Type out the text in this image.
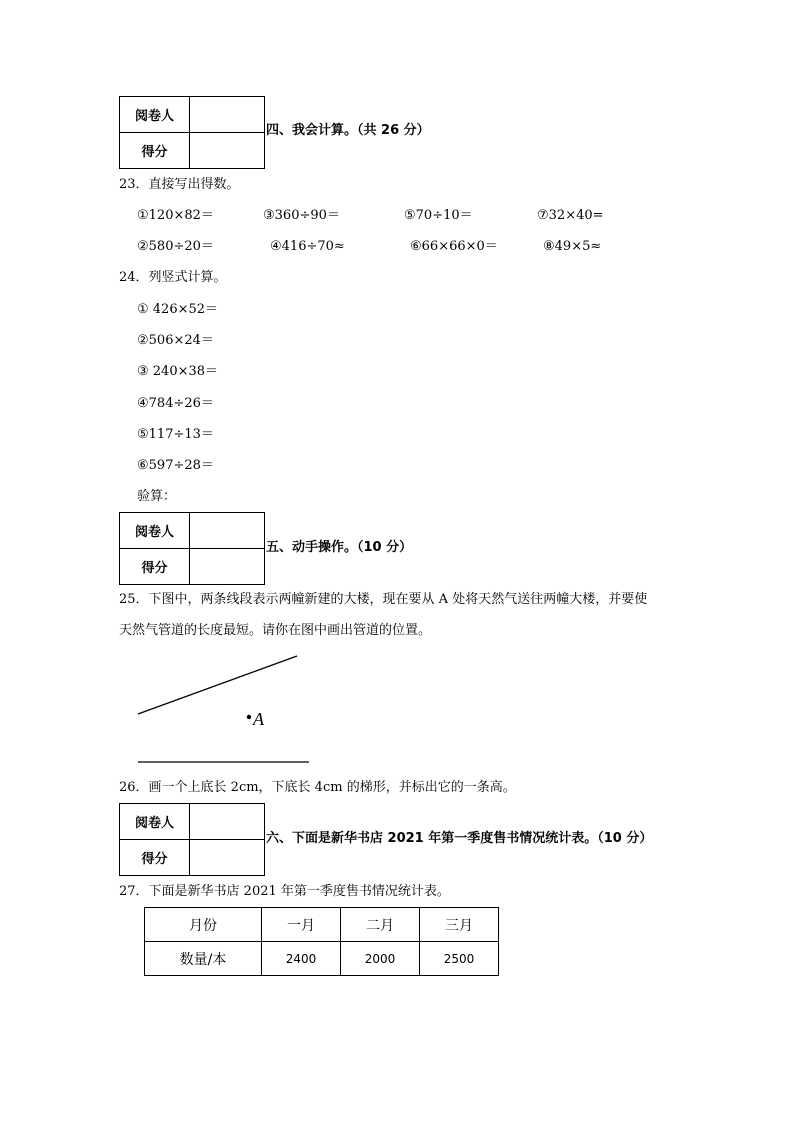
阅卷人	
得分	
四、我会计算。（共 26 分）
23．直接写出得数。
①120×82＝	③360÷90＝	⑤70÷10＝	⑦32×40=
②580÷20＝	④416÷70≈	⑥66×66×0＝	⑧49×5≈
24．列竖式计算。
① 426×52＝
②506×24＝
③ 240×38＝
④784÷26＝
⑤117÷13＝
⑥597÷28＝
验算：
阅卷人	
得分	
五、动手操作。（10 分）
25．下图中，两条线段表示两幢新建的大楼，现在要从 A 处将天然气送往两幢大楼，并要使
天然气管道的长度最短。请你在图中画出管道的位置。
A
26．画一个上底长 2cm，下底长 4cm 的梯形，并标出它的一条高。
阅卷人	
得分	
六、下面是新华书店 2021 年第一季度售书情况统计表。（10 分）
27．下面是新华书店 2021 年第一季度售书情况统计表。
月份	一月	二月	三月
数量/本	2400	2000	2500
